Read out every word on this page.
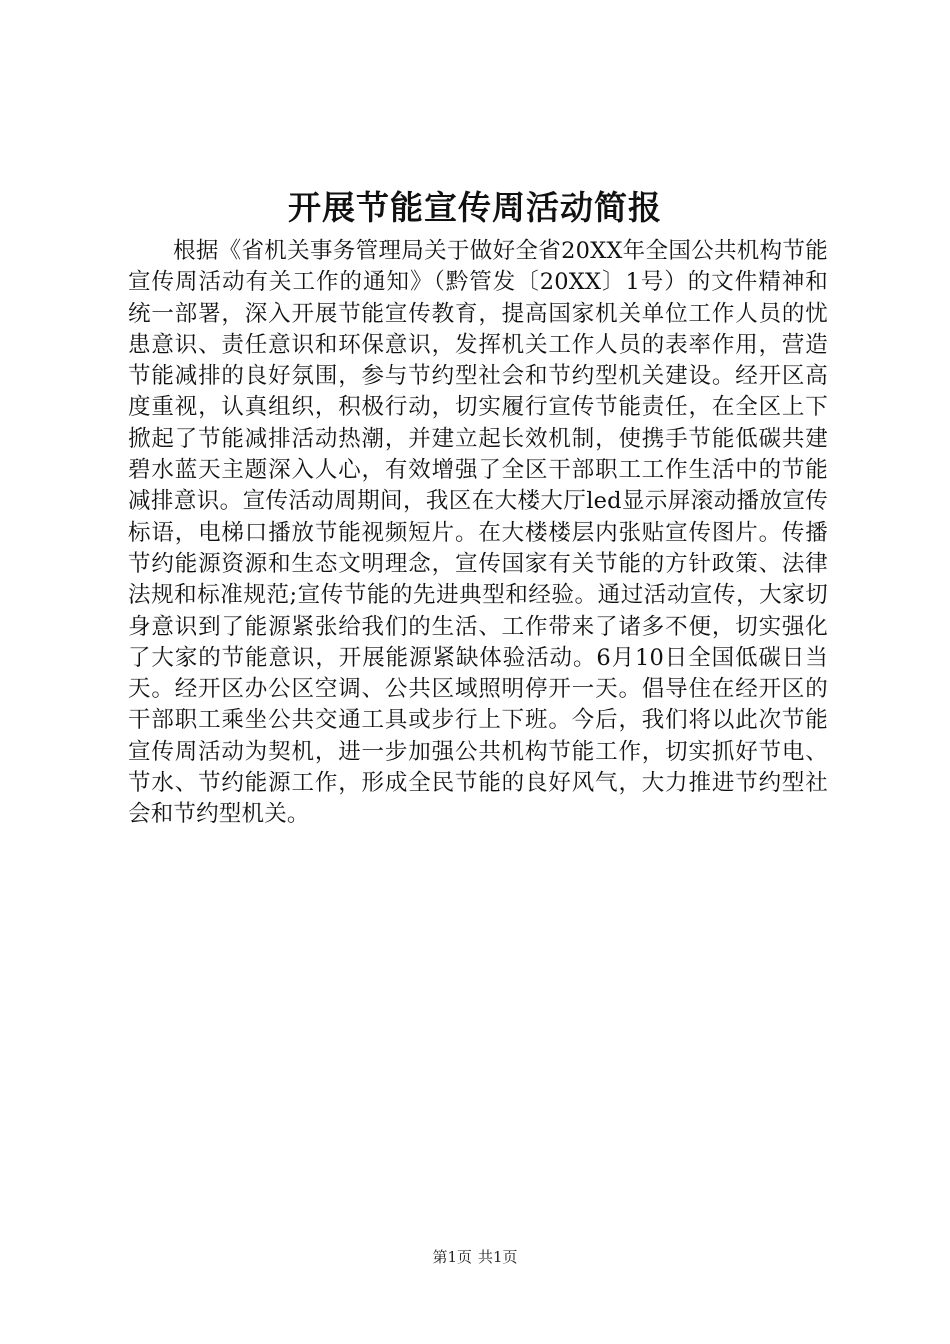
开展节能宣传周活动简报

根据《省机关事务管理局关于做好全省20XX年全国公共机构节能宣传周活动有关工作的通知》（黔管发〔20XX〕1号）的文件精神和统一部署，深入开展节能宣传教育，提高国家机关单位工作人员的忧患意识、责任意识和环保意识，发挥机关工作人员的表率作用，营造节能减排的良好氛围，参与节约型社会和节约型机关建设。经开区高度重视，认真组织，积极行动，切实履行宣传节能责任，在全区上下掀起了节能减排活动热潮，并建立起长效机制，使携手节能低碳共建碧水蓝天主题深入人心，有效增强了全区干部职工工作生活中的节能减排意识。宣传活动周期间，我区在大楼大厅led显示屏滚动播放宣传标语，电梯口播放节能视频短片。在大楼楼层内张贴宣传图片。传播节约能源资源和生态文明理念，宣传国家有关节能的方针政策、法律法规和标准规范;宣传节能的先进典型和经验。通过活动宣传，大家切身意识到了能源紧张给我们的生活、工作带来了诸多不便，切实强化了大家的节能意识，开展能源紧缺体验活动。6月10日全国低碳日当天。经开区办公区空调、公共区域照明停开一天。倡导住在经开区的干部职工乘坐公共交通工具或步行上下班。今后，我们将以此次节能宣传周活动为契机，进一步加强公共机构节能工作，切实抓好节电、节水、节约能源工作，形成全民节能的良好风气，大力推进节约型社会和节约型机关。

第1页 共1页
